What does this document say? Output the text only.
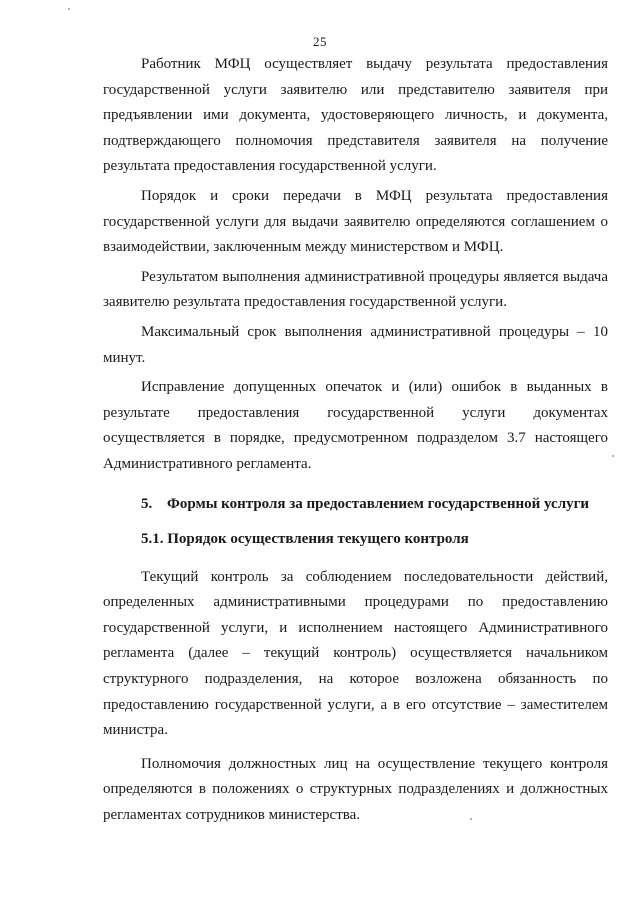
25

Работник МФЦ осуществляет выдачу результата предоставления государственной услуги заявителю или представителю заявителя при предъявлении ими документа, удостоверяющего личность, и документа, подтверждающего полномочия представителя заявителя на получение результата предоставления государственной услуги.

Порядок и сроки передачи в МФЦ результата предоставления государственной услуги для выдачи заявителю определяются соглашением о взаимодействии, заключенным между министерством и МФЦ.

Результатом выполнения административной процедуры является выдача заявителю результата предоставления государственной услуги.

Максимальный срок выполнения административной процедуры – 10 минут.

Исправление допущенных опечаток и (или) ошибок в выданных в результате предоставления государственной услуги документах осуществляется в порядке, предусмотренном подразделом 3.7 настоящего Административного регламента.

5. Формы контроля за предоставлением государственной услуги

5.1. Порядок осуществления текущего контроля

Текущий контроль за соблюдением последовательности действий, определенных административными процедурами по предоставлению государственной услуги, и исполнением настоящего Административного регламента (далее – текущий контроль) осуществляется начальником структурного подразделения, на которое возложена обязанность по предоставлению государственной услуги, а в его отсутствие – заместителем министра.

Полномочия должностных лиц на осуществление текущего контроля определяются в положениях о структурных подразделениях и должностных регламентах сотрудников министерства.
